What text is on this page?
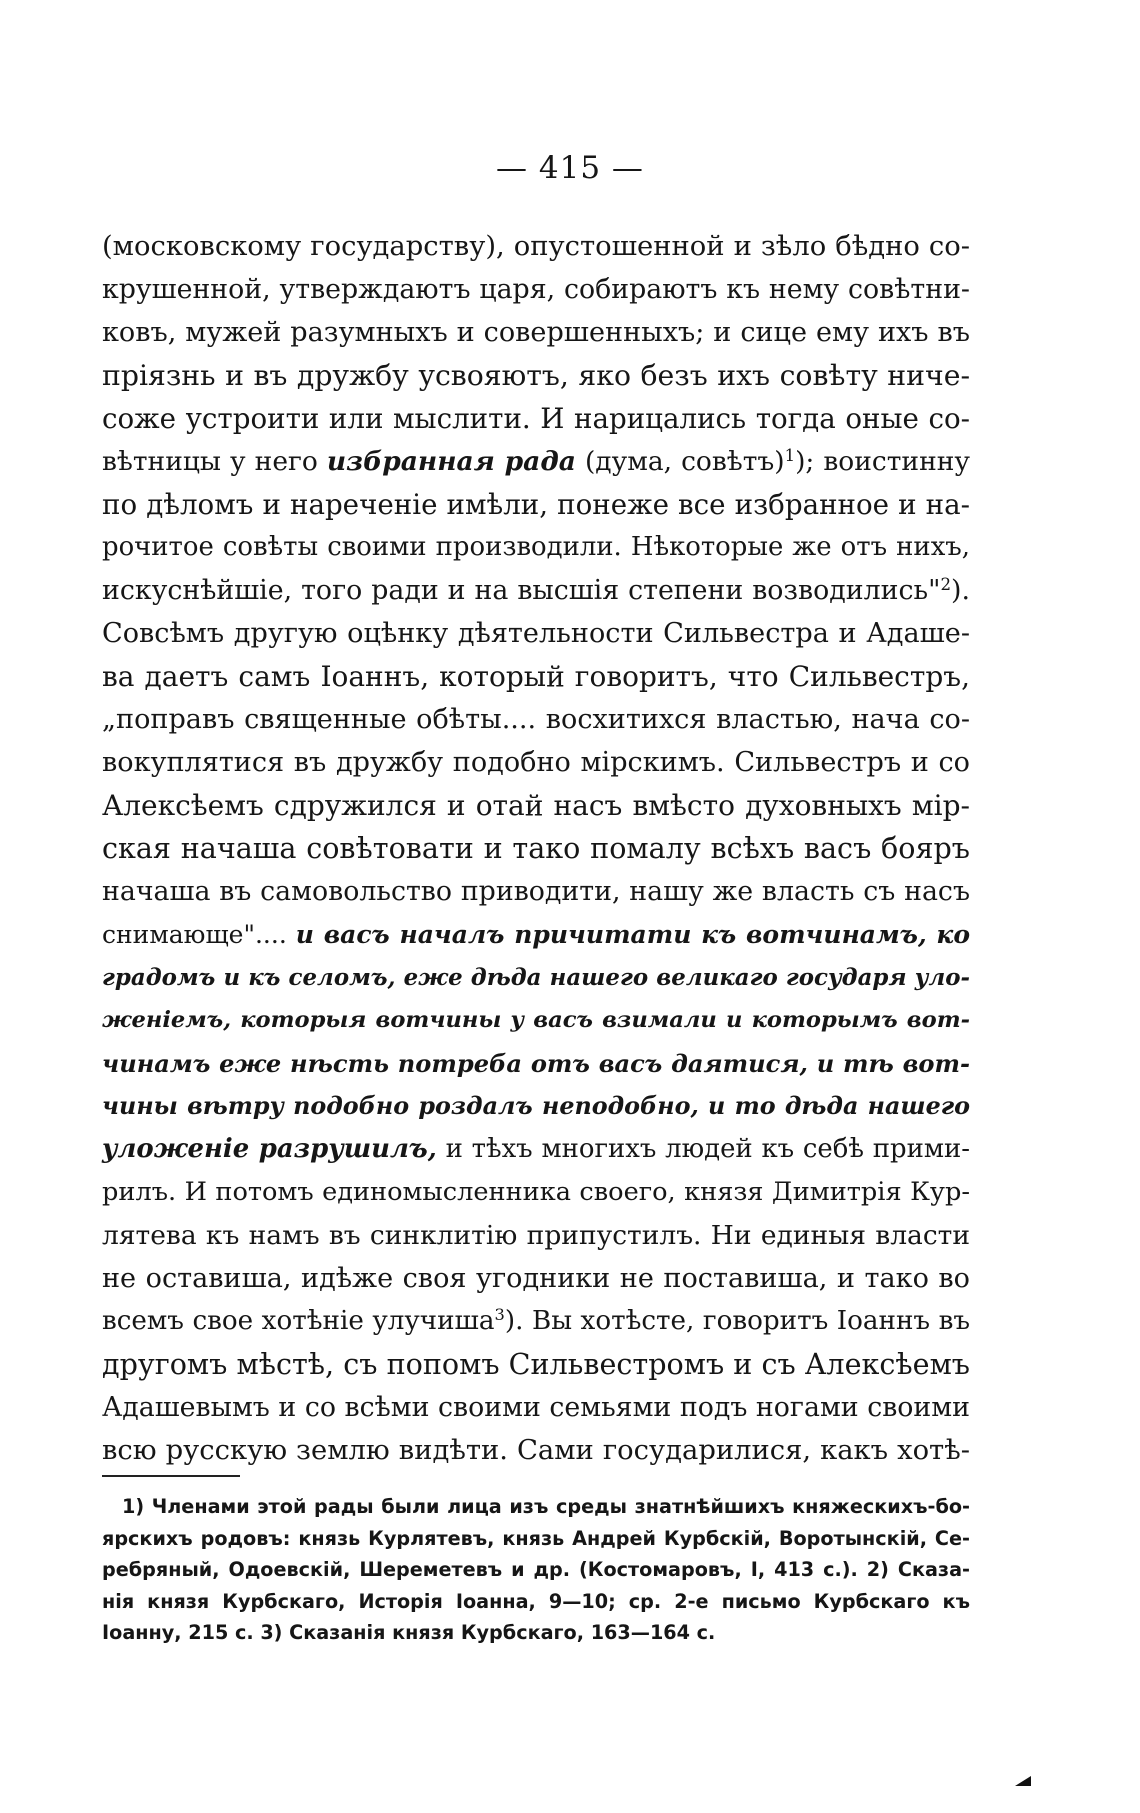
— 415 —
(московскому государству), опустошенной и зѣло бѣдно со-
крушенной, утверждаютъ царя, собираютъ къ нему совѣтни-
ковъ, мужей разумныхъ и совершенныхъ; и сице ему ихъ въ
пріязнь и въ дружбу усвояютъ, яко безъ ихъ совѣту ниче-
соже устроити или мыслити. И нарицались тогда оные со-
вѣтницы у него избранная рада (дума, совѣтъ)$^1$); воистинну
по дѣломъ и нареченіе имѣли, понеже все избранное и на-
рочитое совѣты своими производили. Нѣкоторые же отъ нихъ,
искуснѣйшіе, того ради и на высшія степени возводились"$^2$).
Совсѣмъ другую оцѣнку дѣятельности Сильвестра и Адаше-
ва даетъ самъ Іоаннъ, который говоритъ, что Сильвестръ,
„поправъ священные обѣты.... восхитихся властью, нача со-
вокуплятися въ дружбу подобно мірскимъ. Сильвестръ и со
Алексѣемъ сдружился и отай насъ вмѣсто духовныхъ мір-
ская начаша совѣтовати и тако помалу всѣхъ васъ бояръ
начаша въ самовольство приводити, нашу же власть съ насъ
снимающе".... и васъ началъ причитати къ вотчинамъ, ко
градомъ и къ селомъ, еже дѣда нашего великаго государя уло-
женіемъ, которыя вотчины у васъ взимали и которымъ вот-
чинамъ еже нѣсть потреба отъ васъ даятися, и тѣ вот-
чины вѣтру подобно роздалъ неподобно, и то дѣда нашего
уложеніе разрушилъ, и тѣхъ многихъ людей къ себѣ прими-
рилъ. И потомъ единомысленника своего, князя Димитрія Кур-
лятева къ намъ въ синклитію припустилъ. Ни единыя власти
не оставиша, идѣже своя угодники не поставиша, и тако во
всемъ свое хотѣніе улучиша$^3$). Вы хотѣсте, говоритъ Іоаннъ въ
другомъ мѣстѣ, съ попомъ Сильвестромъ и съ Алексѣемъ
Адашевымъ и со всѣми своими семьями подъ ногами своими
всю русскую землю видѣти. Сами государилися, какъ хотѣ-
1) Членами этой рады были лица изъ среды знатнѣйшихъ княжескихъ-бо-
ярскихъ родовъ: князь Курлятевъ, князь Андрей Курбскій, Воротынскій, Се-
ребряный, Одоевскій, Шереметевъ и др. (Костомаровъ, I, 413 с.). 2) Сказа-
нія князя Курбскаго, Исторія Іоанна, 9—10; ср. 2-е письмо Курбскаго къ
Іоанну, 215 с. 3) Сказанія князя Курбскаго, 163—164 с.
